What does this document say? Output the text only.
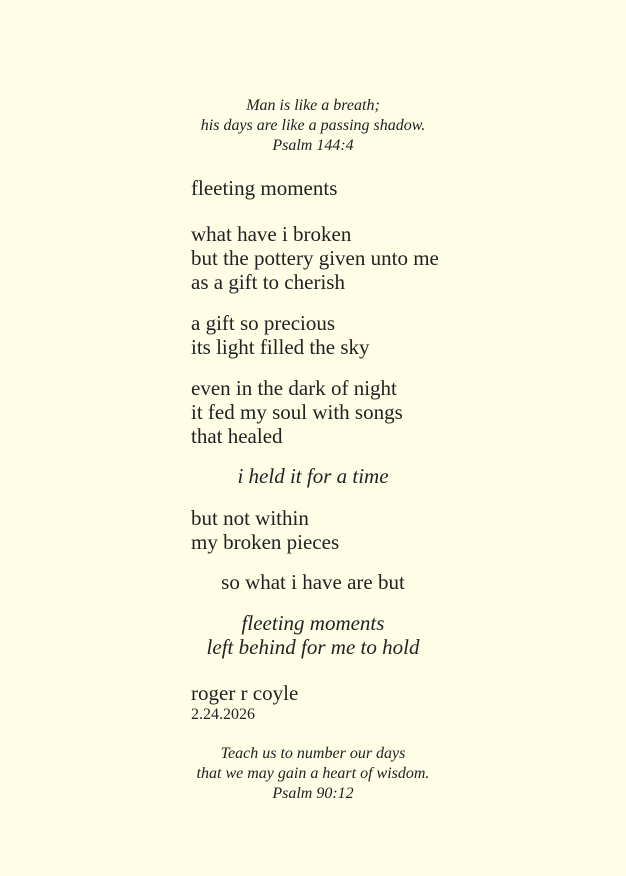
Man is like a breath;
his days are like a passing shadow.
Psalm 144:4
fleeting moments
what have i broken
but the pottery given unto me
as a gift to cherish
a gift so precious
its light filled the sky
even in the dark of night
it fed my soul with songs
that healed
i held it for a time
but not within
my broken pieces
so what i have are but
fleeting moments
left behind for me to hold
roger r coyle
2.24.2026
Teach us to number our days
that we may gain a heart of wisdom.
Psalm 90:12
